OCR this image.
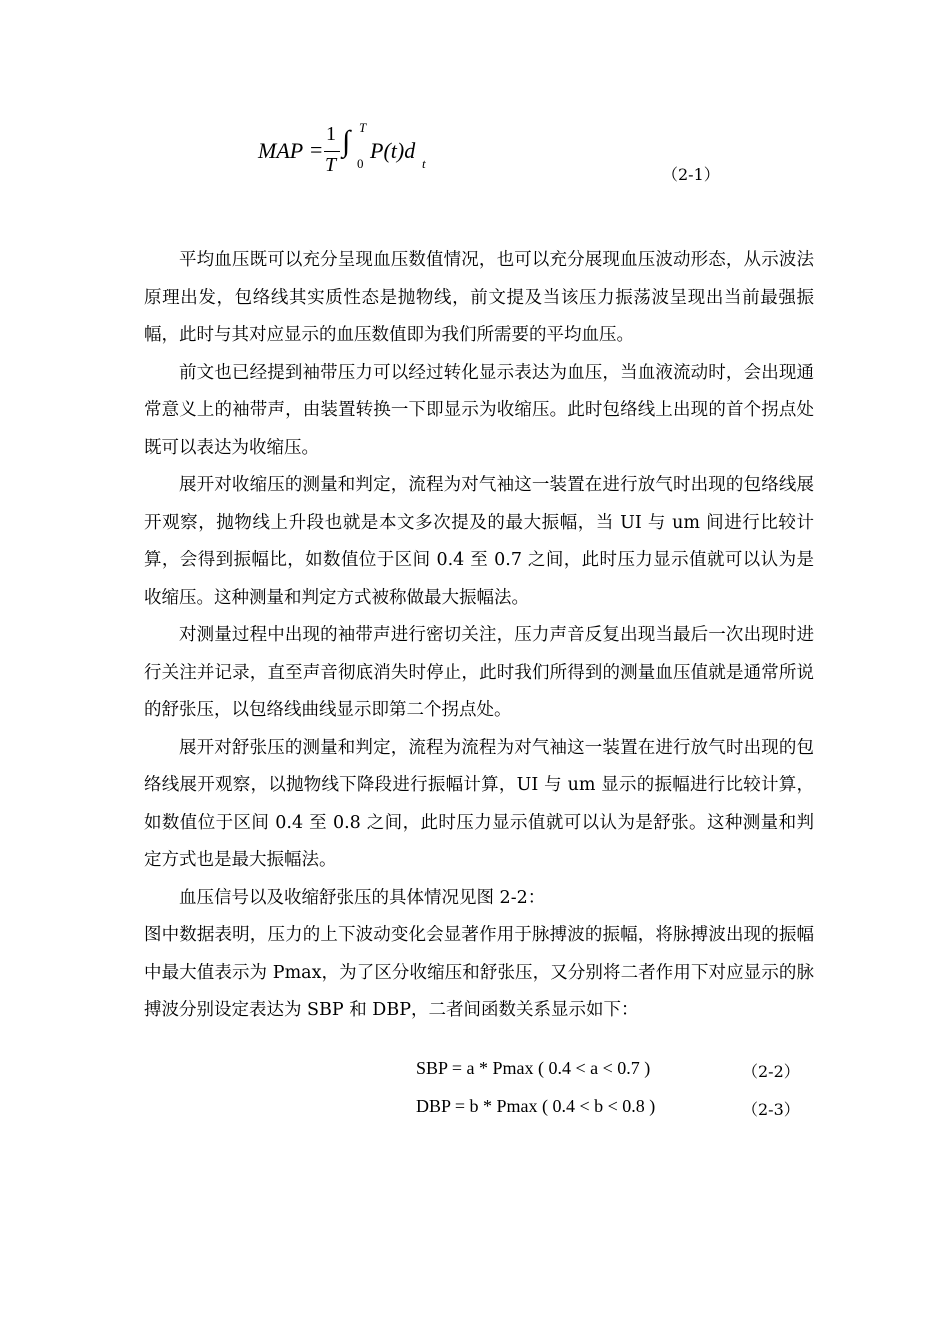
MAP =
1
T
∫ T
0
P(t)d
t
（2-1）

平均血压既可以充分呈现血压数值情况，也可以充分展现血压波动形态，从示波法原理出发，包络线其实质性态是抛物线，前文提及当该压力振荡波呈现出当前最强振幅，此时与其对应显示的血压数值即为我们所需要的平均血压。

前文也已经提到袖带压力可以经过转化显示表达为血压，当血液流动时，会出现通常意义上的袖带声，由装置转换一下即显示为收缩压。此时包络线上出现的首个拐点处既可以表达为收缩压。

展开对收缩压的测量和判定，流程为对气袖这一装置在进行放气时出现的包络线展开观察，抛物线上升段也就是本文多次提及的最大振幅，当 UI 与 um 间进行比较计算，会得到振幅比，如数值位于区间 0.4 至 0.7 之间，此时压力显示值就可以认为是收缩压。这种测量和判定方式被称做最大振幅法。

对测量过程中出现的袖带声进行密切关注，压力声音反复出现当最后一次出现时进行关注并记录，直至声音彻底消失时停止，此时我们所得到的测量血压值就是通常所说的舒张压，以包络线曲线显示即第二个拐点处。

展开对舒张压的测量和判定，流程为流程为对气袖这一装置在进行放气时出现的包络线展开观察，以抛物线下降段进行振幅计算，UI 与 um 显示的振幅进行比较计算，如数值位于区间 0.4 至 0.8 之间，此时压力显示值就可以认为是舒张。这种测量和判定方式也是最大振幅法。

血压信号以及收缩舒张压的具体情况见图 2-2：

图中数据表明，压力的上下波动变化会显著作用于脉搏波的振幅，将脉搏波出现的振幅中最大值表示为 Pmax，为了区分收缩压和舒张压，又分别将二者作用下对应显示的脉搏波分别设定表达为 SBP 和 DBP，二者间函数关系显示如下：

SBP = a * Pmax ( 0.4 < a < 0.7 )	（2-2）
DBP = b * Pmax ( 0.4 < b < 0.8 )	（2-3）
